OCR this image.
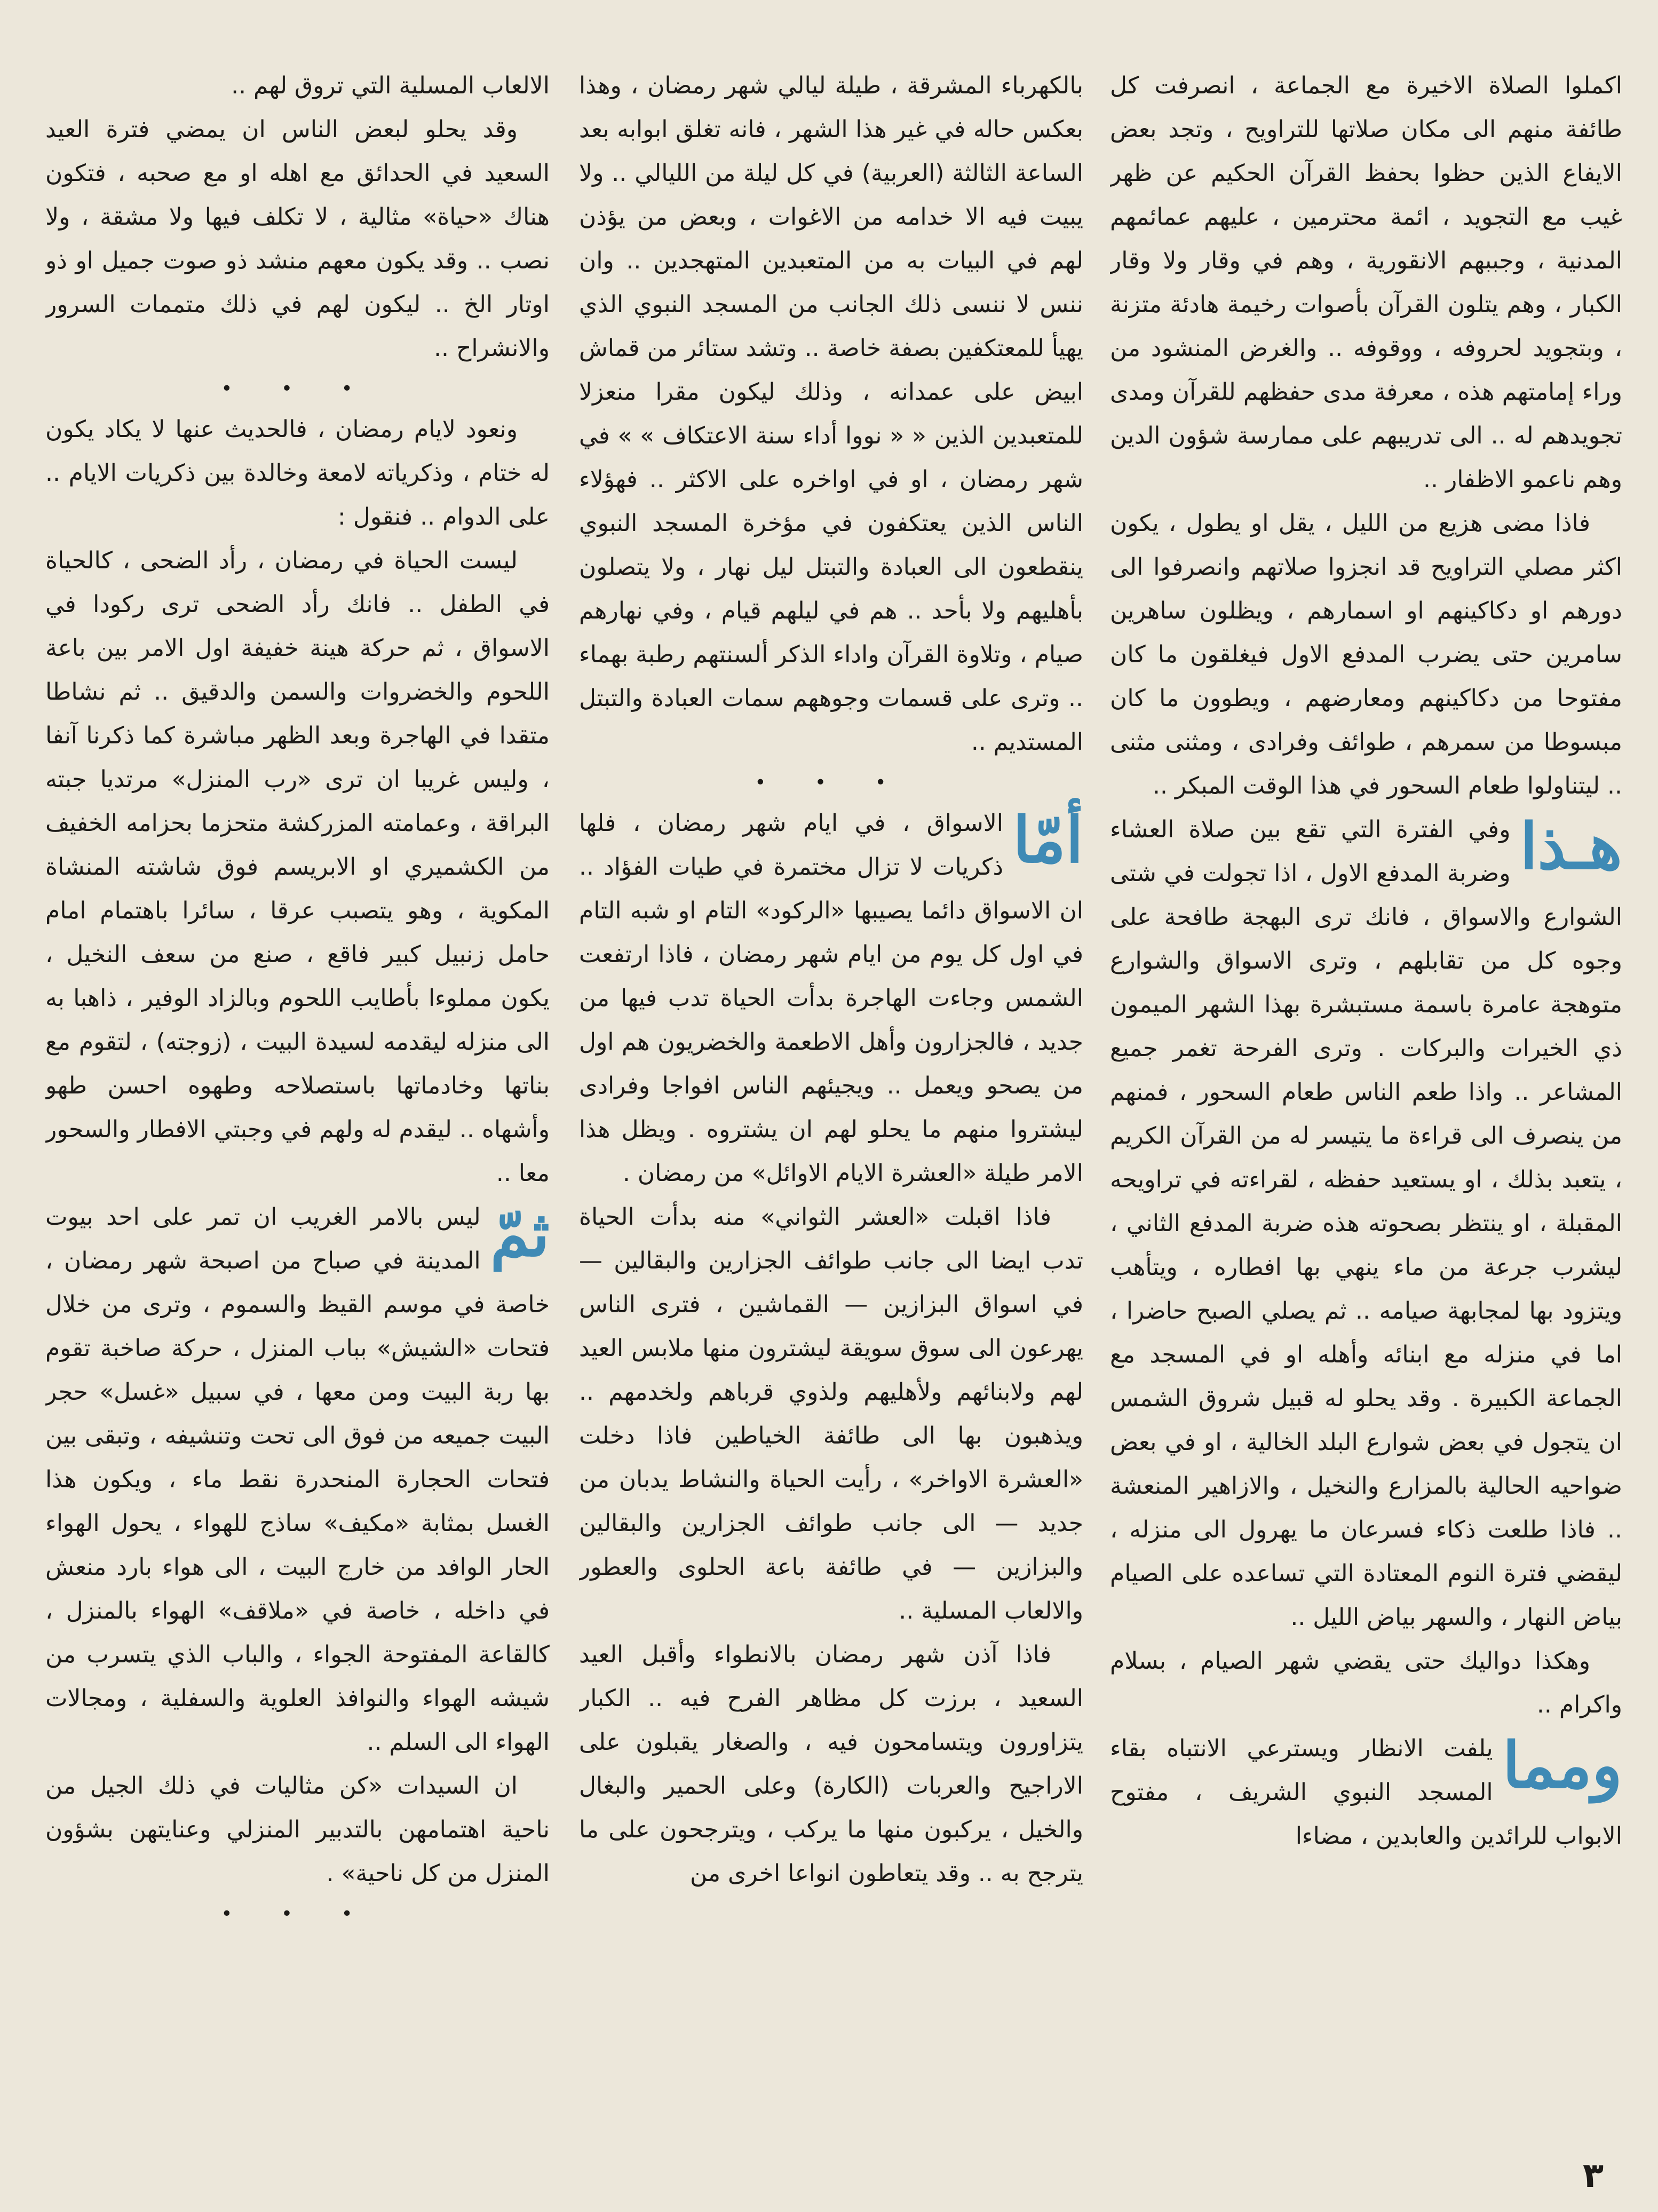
اكملوا الصلاة الاخيرة مع الجماعة ، انصرفت كل طائفة منهم الى مكان صلاتها للتراويح ، وتجد بعض الايفاع الذين حظوا بحفظ القرآن الحكيم عن ظهر غيب مع التجويد ، ائمة محترمين ، عليهم عمائمهم المدنية ، وجببهم الانقورية ، وهم في وقار ولا وقار الكبار ، وهم يتلون القرآن بأصوات رخيمة هادئة متزنة ، وبتجويد لحروفه ، ووقوفه .. والغرض المنشود من وراء إمامتهم هذه ، معرفة مدى حفظهم للقرآن ومدى تجويدهم له .. الى تدريبهم على ممارسة شؤون الدين وهم ناعمو الاظفار ..

فاذا مضى هزيع من الليل ، يقل او يطول ، يكون اكثر مصلي التراويح قد انجزوا صلاتهم وانصرفوا الى دورهم او دكاكينهم او اسمارهم ، ويظلون ساهرين سامرين حتى يضرب المدفع الاول فيغلقون ما كان مفتوحا من دكاكينهم ومعارضهم ، ويطوون ما كان مبسوطا من سمرهم ، طوائف وفرادى ، ومثنى مثنى .. ليتناولوا طعام السحور في هذا الوقت المبكر ..

هـذا
وفي الفترة التي تقع بين صلاة العشاء وضربة المدفع الاول ، اذا تجولت في شتى الشوارع والاسواق ، فانك ترى البهجة طافحة على وجوه كل من تقابلهم ، وترى الاسواق والشوارع متوهجة عامرة باسمة مستبشرة بهذا الشهر الميمون ذي الخيرات والبركات . وترى الفرحة تغمر جميع المشاعر .. واذا طعم الناس طعام السحور ، فمنهم من ينصرف الى قراءة ما يتيسر له من القرآن الكريم ، يتعبد بذلك ، او يستعيد حفظه ، لقراءته في تراويحه المقبلة ، او ينتظر بصحوته هذه ضربة المدفع الثاني ، ليشرب جرعة من ماء ينهي بها افطاره ، ويتأهب ويتزود بها لمجابهة صيامه .. ثم يصلي الصبح حاضرا ، اما في منزله مع ابنائه وأهله او في المسجد مع الجماعة الكبيرة . وقد يحلو له قبيل شروق الشمس ان يتجول في بعض شوارع البلد الخالية ، او في بعض ضواحيه الحالية بالمزارع والنخيل ، والازاهير المنعشة .. فاذا طلعت ذكاء فسرعان ما يهرول الى منزله ، ليقضي فترة النوم المعتادة التي تساعده على الصيام بياض النهار ، والسهر بياض الليل ..

وهكذا دواليك حتى يقضي شهر الصيام ، بسلام واكرام ..

ومما
يلفت الانظار ويسترعي الانتباه بقاء المسجد النبوي الشريف ، مفتوح الابواب للرائدين والعابدين ، مضاءا

بالكهرباء المشرقة ، طيلة ليالي شهر رمضان ، وهذا بعكس حاله في غير هذا الشهر ، فانه تغلق ابوابه بعد الساعة الثالثة (العربية) في كل ليلة من الليالي .. ولا يبيت فيه الا خدامه من الاغوات ، وبعض من يؤذن لهم في البيات به من المتعبدين المتهجدين .. وان ننس لا ننسى ذلك الجانب من المسجد النبوي الذي يهيأ للمعتكفين بصفة خاصة .. وتشد ستائر من قماش ابيض على عمدانه ، وذلك ليكون مقرا منعزلا للمتعبدين الذين « « نووا أداء سنة الاعتكاف » » في شهر رمضان ، او في اواخره على الاكثر .. فهؤلاء الناس الذين يعتكفون في مؤخرة المسجد النبوي ينقطعون الى العبادة والتبتل ليل نهار ، ولا يتصلون بأهليهم ولا بأحد .. هم في ليلهم قيام ، وفي نهارهم صيام ، وتلاوة القرآن واداء الذكر ألسنتهم رطبة بهماء .. وترى على قسمات وجوههم سمات العبادة والتبتل المستديم ..

• • •

أمّا
الاسواق ، في ايام شهر رمضان ، فلها ذكريات لا تزال مختمرة في طيات الفؤاد .. ان الاسواق دائما يصيبها «الركود» التام او شبه التام في اول كل يوم من ايام شهر رمضان ، فاذا ارتفعت الشمس وجاءت الهاجرة بدأت الحياة تدب فيها من جديد ، فالجزارون وأهل الاطعمة والخضريون هم اول من يصحو ويعمل .. ويجيئهم الناس افواجا وفرادى ليشتروا منهم ما يحلو لهم ان يشتروه . ويظل هذا الامر طيلة «العشرة الايام الاوائل» من رمضان .

فاذا اقبلت «العشر الثواني» منه بدأت الحياة تدب ايضا الى جانب طوائف الجزارين والبقالين — في اسواق البزازين — القماشين ، فترى الناس يهرعون الى سوق سويقة ليشترون منها ملابس العيد لهم ولابنائهم ولأهليهم ولذوي قرباهم ولخدمهم .. ويذهبون بها الى طائفة الخياطين فاذا دخلت «العشرة الاواخر» ، رأيت الحياة والنشاط يدبان من جديد — الى جانب طوائف الجزارين والبقالين والبزازين — في طائفة باعة الحلوى والعطور والالعاب المسلية ..

فاذا آذن شهر رمضان بالانطواء وأقبل العيد السعيد ، برزت كل مظاهر الفرح فيه .. الكبار يتزاورون ويتسامحون فيه ، والصغار يقبلون على الاراجيح والعربات (الكارة) وعلى الحمير والبغال والخيل ، يركبون منها ما يركب ، ويترجحون على ما يترجح به .. وقد يتعاطون انواعا اخرى من

الالعاب المسلية التي تروق لهم ..

وقد يحلو لبعض الناس ان يمضي فترة العيد السعيد في الحدائق مع اهله او مع صحبه ، فتكون هناك «حياة» مثالية ، لا تكلف فيها ولا مشقة ، ولا نصب .. وقد يكون معهم منشد ذو صوت جميل او ذو اوتار الخ .. ليكون لهم في ذلك متممات السرور والانشراح ..

• • •

ونعود لايام رمضان ، فالحديث عنها لا يكاد يكون له ختام ، وذكرياته لامعة وخالدة بين ذكريات الايام .. على الدوام .. فنقول :

ليست الحياة في رمضان ، رأد الضحى ، كالحياة في الطفل .. فانك رأد الضحى ترى ركودا في الاسواق ، ثم حركة هينة خفيفة اول الامر بين باعة اللحوم والخضروات والسمن والدقيق .. ثم نشاطا متقدا في الهاجرة وبعد الظهر مباشرة كما ذكرنا آنفا ، وليس غريبا ان ترى «رب المنزل» مرتديا جبته البراقة ، وعمامته المزركشة متحزما بحزامه الخفيف من الكشميري او الابريسم فوق شاشته المنشاة المكوية ، وهو يتصبب عرقا ، سائرا باهتمام امام حامل زنبيل كبير فاقع ، صنع من سعف النخيل ، يكون مملوءا بأطايب اللحوم وبالزاد الوفير ، ذاهبا به الى منزله ليقدمه لسيدة البيت ، (زوجته) ، لتقوم مع بناتها وخادماتها باستصلاحه وطهوه احسن طهو وأشهاه .. ليقدم له ولهم في وجبتي الافطار والسحور معا ..

ثمّ
ليس بالامر الغريب ان تمر على احد بيوت المدينة في صباح من اصبحة شهر رمضان ، خاصة في موسم القيظ والسموم ، وترى من خلال فتحات «الشيش» بباب المنزل ، حركة صاخبة تقوم بها ربة البيت ومن معها ، في سبيل «غسل» حجر البيت جميعه من فوق الى تحت وتنشيفه ، وتبقى بين فتحات الحجارة المنحدرة نقط ماء ، ويكون هذا الغسل بمثابة «مكيف» ساذج للهواء ، يحول الهواء الحار الوافد من خارج البيت ، الى هواء بارد منعش في داخله ، خاصة في «ملاقف» الهواء بالمنزل ، كالقاعة المفتوحة الجواء ، والباب الذي يتسرب من شيشه الهواء والنوافذ العلوية والسفلية ، ومجالات الهواء الى السلم ..

ان السيدات «كن مثاليات في ذلك الجيل من ناحية اهتمامهن بالتدبير المنزلي وعنايتهن بشؤون المنزل من كل ناحية» .

• • •
٣
